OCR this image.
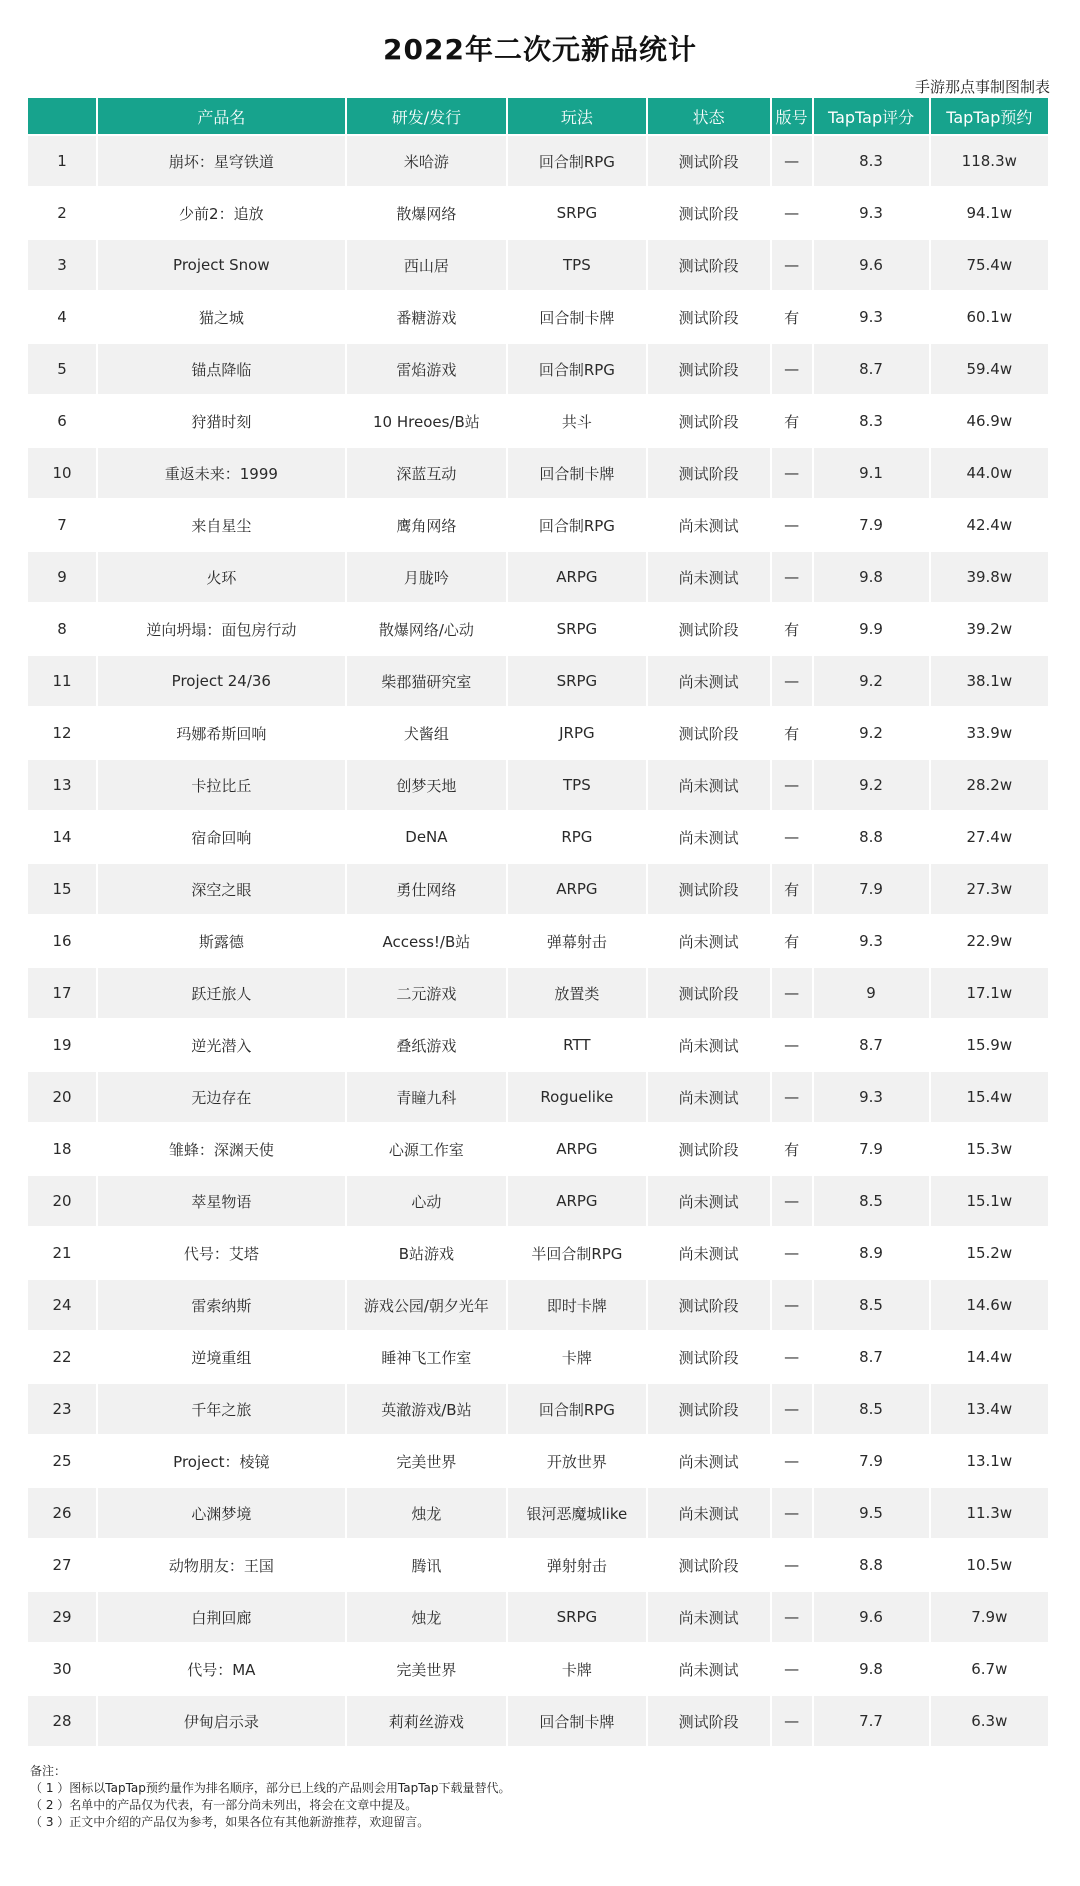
2022年二次元新品统计
手游那点事制图制表
	产品名	研发/发行	玩法	状态	版号	TapTap评分	TapTap预约
1	崩坏：星穹铁道	米哈游	回合制RPG	测试阶段	—	8.3	118.3w
2	少前2：追放	散爆网络	SRPG	测试阶段	—	9.3	94.1w
3	Project Snow	西山居	TPS	测试阶段	—	9.6	75.4w
4	猫之城	番糖游戏	回合制卡牌	测试阶段	有	9.3	60.1w
5	锚点降临	雷焰游戏	回合制RPG	测试阶段	—	8.7	59.4w
6	狩猎时刻	10 Hreoes/B站	共斗	测试阶段	有	8.3	46.9w
10	重返未来：1999	深蓝互动	回合制卡牌	测试阶段	—	9.1	44.0w
7	来自星尘	鹰角网络	回合制RPG	尚未测试	—	7.9	42.4w
9	火环	月胧吟	ARPG	尚未测试	—	9.8	39.8w
8	逆向坍塌：面包房行动	散爆网络/心动	SRPG	测试阶段	有	9.9	39.2w
11	Project 24/36	柴郡猫研究室	SRPG	尚未测试	—	9.2	38.1w
12	玛娜希斯回响	犬酱组	JRPG	测试阶段	有	9.2	33.9w
13	卡拉比丘	创梦天地	TPS	尚未测试	—	9.2	28.2w
14	宿命回响	DeNA	RPG	尚未测试	—	8.8	27.4w
15	深空之眼	勇仕网络	ARPG	测试阶段	有	7.9	27.3w
16	斯露德	Access!/B站	弹幕射击	尚未测试	有	9.3	22.9w
17	跃迁旅人	二元游戏	放置类	测试阶段	—	9	17.1w
19	逆光潜入	叠纸游戏	RTT	尚未测试	—	8.7	15.9w
20	无边存在	青瞳九科	Roguelike	尚未测试	—	9.3	15.4w
18	雏蜂：深渊天使	心源工作室	ARPG	测试阶段	有	7.9	15.3w
20	萃星物语	心动	ARPG	尚未测试	—	8.5	15.1w
21	代号：艾塔	B站游戏	半回合制RPG	尚未测试	—	8.9	15.2w
24	雷索纳斯	游戏公园/朝夕光年	即时卡牌	测试阶段	—	8.5	14.6w
22	逆境重组	睡神飞工作室	卡牌	测试阶段	—	8.7	14.4w
23	千年之旅	英澈游戏/B站	回合制RPG	测试阶段	—	8.5	13.4w
25	Project：棱镜	完美世界	开放世界	尚未测试	—	7.9	13.1w
26	心渊梦境	烛龙	银河恶魔城like	尚未测试	—	9.5	11.3w
27	动物朋友：王国	腾讯	弹射射击	测试阶段	—	8.8	10.5w
29	白荆回廊	烛龙	SRPG	尚未测试	—	9.6	7.9w
30	代号：MA	完美世界	卡牌	尚未测试	—	9.8	6.7w
28	伊甸启示录	莉莉丝游戏	回合制卡牌	测试阶段	—	7.7	6.3w
备注：
（ 1 ）图标以TapTap预约量作为排名顺序，部分已上线的产品则会用TapTap下载量替代。
（ 2 ）名单中的产品仅为代表，有一部分尚未列出，将会在文章中提及。
（ 3 ）正文中介绍的产品仅为参考，如果各位有其他新游推荐，欢迎留言。
